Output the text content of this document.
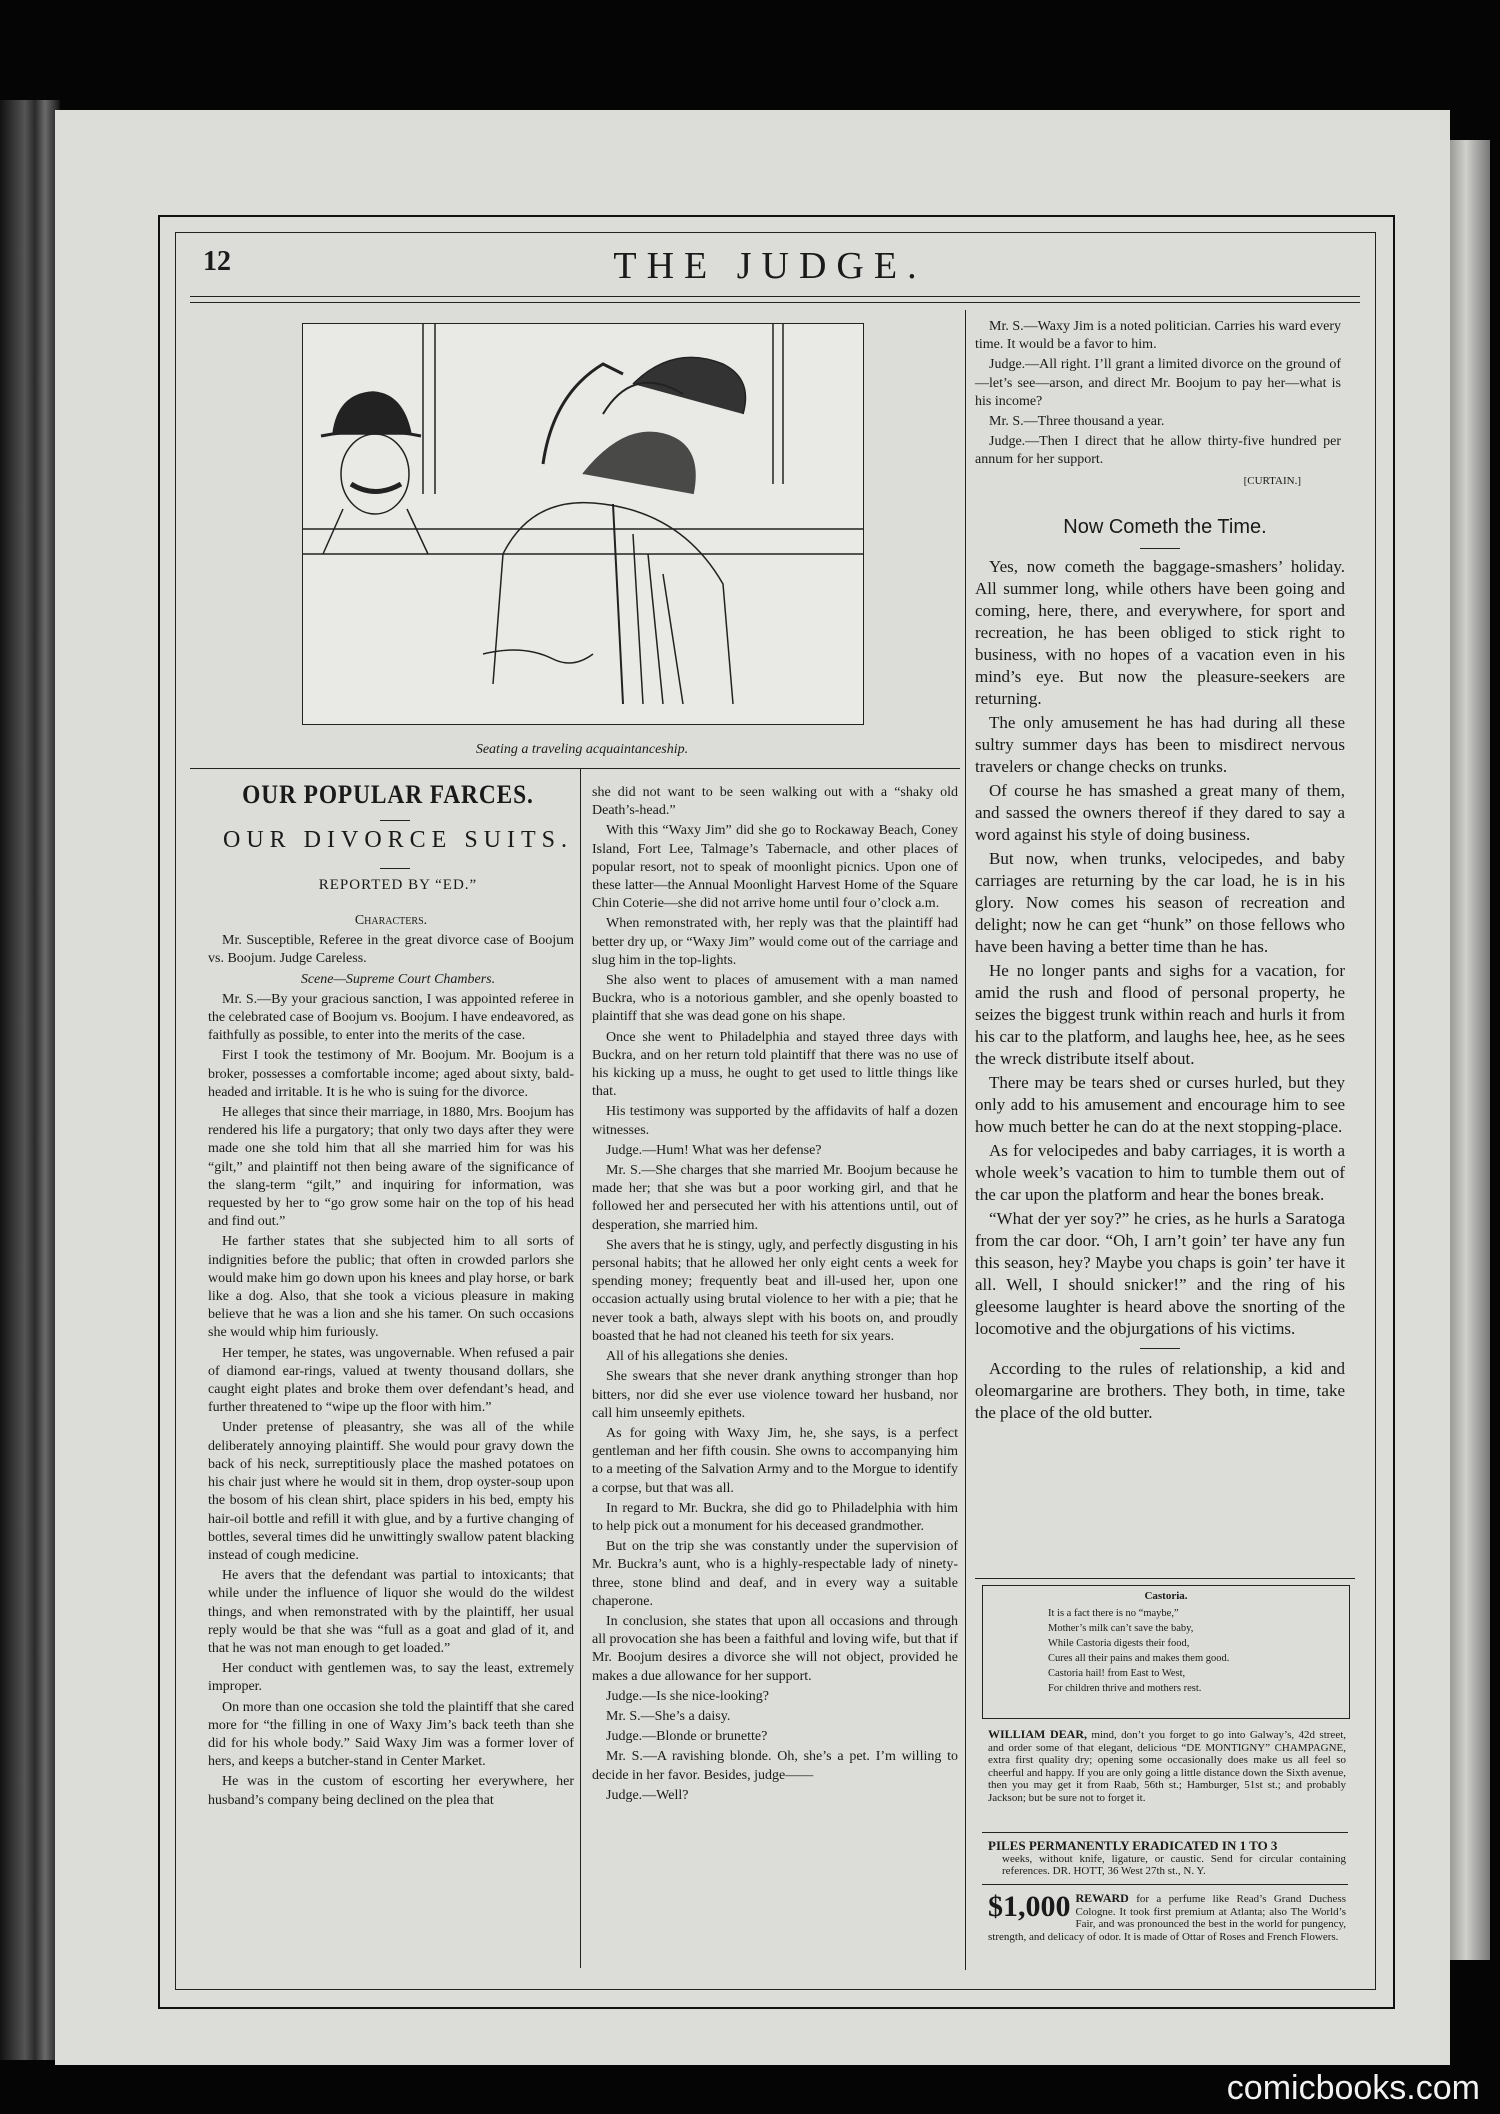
12	THE JUDGE.
Seating a traveling acquaintanceship.
OUR POPULAR FARCES.
OUR DIVORCE SUITS.
REPORTED BY “ED.”

Characters.

Mr. Susceptible, Referee in the great divorce case of Boojum vs. Boojum. Judge Careless.

Scene—Supreme Court Chambers.

Mr. S.—By your gracious sanction, I was appointed referee in the celebrated case of Boojum vs. Boojum. I have endeavored, as faithfully as possible, to enter into the merits of the case.

First I took the testimony of Mr. Boojum. Mr. Boojum is a broker, possesses a comfortable income; aged about sixty, bald-headed and irritable. It is he who is suing for the divorce.

He alleges that since their marriage, in 1880, Mrs. Boojum has rendered his life a purgatory; that only two days after they were made one she told him that all she married him for was his “gilt,” and plaintiff not then being aware of the significance of the slang-term “gilt,” and inquiring for information, was requested by her to “go grow some hair on the top of his head and find out.”

He farther states that she subjected him to all sorts of indignities before the public; that often in crowded parlors she would make him go down upon his knees and play horse, or bark like a dog. Also, that she took a vicious pleasure in making believe that he was a lion and she his tamer. On such occasions she would whip him furiously.

Her temper, he states, was ungovernable. When refused a pair of diamond ear-rings, valued at twenty thousand dollars, she caught eight plates and broke them over defendant’s head, and further threatened to “wipe up the floor with him.”

Under pretense of pleasantry, she was all of the while deliberately annoying plaintiff. She would pour gravy down the back of his neck, surreptitiously place the mashed potatoes on his chair just where he would sit in them, drop oyster-soup upon the bosom of his clean shirt, place spiders in his bed, empty his hair-oil bottle and refill it with glue, and by a furtive changing of bottles, several times did he unwittingly swallow patent blacking instead of cough medicine.

He avers that the defendant was partial to intoxicants; that while under the influence of liquor she would do the wildest things, and when remonstrated with by the plaintiff, her usual reply would be that she was “full as a goat and glad of it, and that he was not man enough to get loaded.”

Her conduct with gentlemen was, to say the least, extremely improper.

On more than one occasion she told the plaintiff that she cared more for “the filling in one of Waxy Jim’s back teeth than she did for his whole body.” Said Waxy Jim was a former lover of hers, and keeps a butcher-stand in Center Market.

He was in the custom of escorting her everywhere, her husband’s company being declined on the plea that

she did not want to be seen walking out with a “shaky old Death’s-head.”

With this “Waxy Jim” did she go to Rockaway Beach, Coney Island, Fort Lee, Talmage’s Tabernacle, and other places of popular resort, not to speak of moonlight picnics. Upon one of these latter—the Annual Moonlight Harvest Home of the Square Chin Coterie—she did not arrive home until four o’clock a.m.

When remonstrated with, her reply was that the plaintiff had better dry up, or “Waxy Jim” would come out of the carriage and slug him in the top-lights.

She also went to places of amusement with a man named Buckra, who is a notorious gambler, and she openly boasted to plaintiff that she was dead gone on his shape.

Once she went to Philadelphia and stayed three days with Buckra, and on her return told plaintiff that there was no use of his kicking up a muss, he ought to get used to little things like that.

His testimony was supported by the affidavits of half a dozen witnesses.

Judge.—Hum! What was her defense?

Mr. S.—She charges that she married Mr. Boojum because he made her; that she was but a poor working girl, and that he followed her and persecuted her with his attentions until, out of desperation, she married him.

She avers that he is stingy, ugly, and perfectly disgusting in his personal habits; that he allowed her only eight cents a week for spending money; frequently beat and ill-used her, upon one occasion actually using brutal violence to her with a pie; that he never took a bath, always slept with his boots on, and proudly boasted that he had not cleaned his teeth for six years.

All of his allegations she denies.

She swears that she never drank anything stronger than hop bitters, nor did she ever use violence toward her husband, nor call him unseemly epithets.

As for going with Waxy Jim, he, she says, is a perfect gentleman and her fifth cousin. She owns to accompanying him to a meeting of the Salvation Army and to the Morgue to identify a corpse, but that was all.

In regard to Mr. Buckra, she did go to Philadelphia with him to help pick out a monument for his deceased grandmother.

But on the trip she was constantly under the supervision of Mr. Buckra’s aunt, who is a highly-respectable lady of ninety-three, stone blind and deaf, and in every way a suitable chaperone.

In conclusion, she states that upon all occasions and through all provocation she has been a faithful and loving wife, but that if Mr. Boojum desires a divorce she will not object, provided he makes a due allowance for her support.

Judge.—Is she nice-looking?

Mr. S.—She’s a daisy.

Judge.—Blonde or brunette?

Mr. S.—A ravishing blonde. Oh, she’s a pet. I’m willing to decide in her favor. Besides, judge——

Judge.—Well?

Mr. S.—Waxy Jim is a noted politician. Carries his ward every time. It would be a favor to him.

Judge.—All right. I’ll grant a limited divorce on the ground of—let’s see—arson, and direct Mr. Boojum to pay her—what is his income?

Mr. S.—Three thousand a year.

Judge.—Then I direct that he allow thirty-five hundred per annum for her support.

[CURTAIN.]

Now Cometh the Time.

Yes, now cometh the baggage-smashers’ holiday. All summer long, while others have been going and coming, here, there, and everywhere, for sport and recreation, he has been obliged to stick right to business, with no hopes of a vacation even in his mind’s eye. But now the pleasure-seekers are returning.

The only amusement he has had during all these sultry summer days has been to misdirect nervous travelers or change checks on trunks.

Of course he has smashed a great many of them, and sassed the owners thereof if they dared to say a word against his style of doing business.

But now, when trunks, velocipedes, and baby carriages are returning by the car load, he is in his glory. Now comes his season of recreation and delight; now he can get “hunk” on those fellows who have been having a better time than he has.

He no longer pants and sighs for a vacation, for amid the rush and flood of personal property, he seizes the biggest trunk within reach and hurls it from his car to the platform, and laughs hee, hee, as he sees the wreck distribute itself about.

There may be tears shed or curses hurled, but they only add to his amusement and encourage him to see how much better he can do at the next stopping-place.

As for velocipedes and baby carriages, it is worth a whole week’s vacation to him to tumble them out of the car upon the platform and hear the bones break.

“What der yer soy?” he cries, as he hurls a Saratoga from the car door. “Oh, I arn’t goin’ ter have any fun this season, hey? Maybe you chaps is goin’ ter have it all. Well, I should snicker!” and the ring of his gleesome laughter is heard above the snorting of the locomotive and the objurgations of his victims.

According to the rules of relationship, a kid and oleomargarine are brothers. They both, in time, take the place of the old butter.

Castoria.
It is a fact there is no “maybe,”
Mother’s milk can’t save the baby,
While Castoria digests their food,
Cures all their pains and makes them good.
Castoria hail! from East to West,
For children thrive and mothers rest.
WILLIAM DEAR, mind, don’t you forget to go into Galway’s, 42d street, and order some of that elegant, delicious “DE MONTIGNY” CHAMPAGNE, extra first quality dry; opening some occasionally does make us all feel so cheerful and happy. If you are only going a little distance down the Sixth avenue, then you may get it from Raab, 56th st.; Hamburger, 51st st.; and probably Jackson; but be sure not to forget it.
PILES PERMANENTLY ERADICATED IN 1 TO 3
weeks, without knife, ligature, or caustic. Send for circular containing references. DR. HOTT, 36 West 27th st., N. Y.
$1,000 REWARD for a perfume like Read’s Grand Duchess Cologne. It took first premium at Atlanta; also The World’s Fair, and was pronounced the best in the world for pungency, strength, and delicacy of odor. It is made of Ottar of Roses and French Flowers.
comicbooks.com
